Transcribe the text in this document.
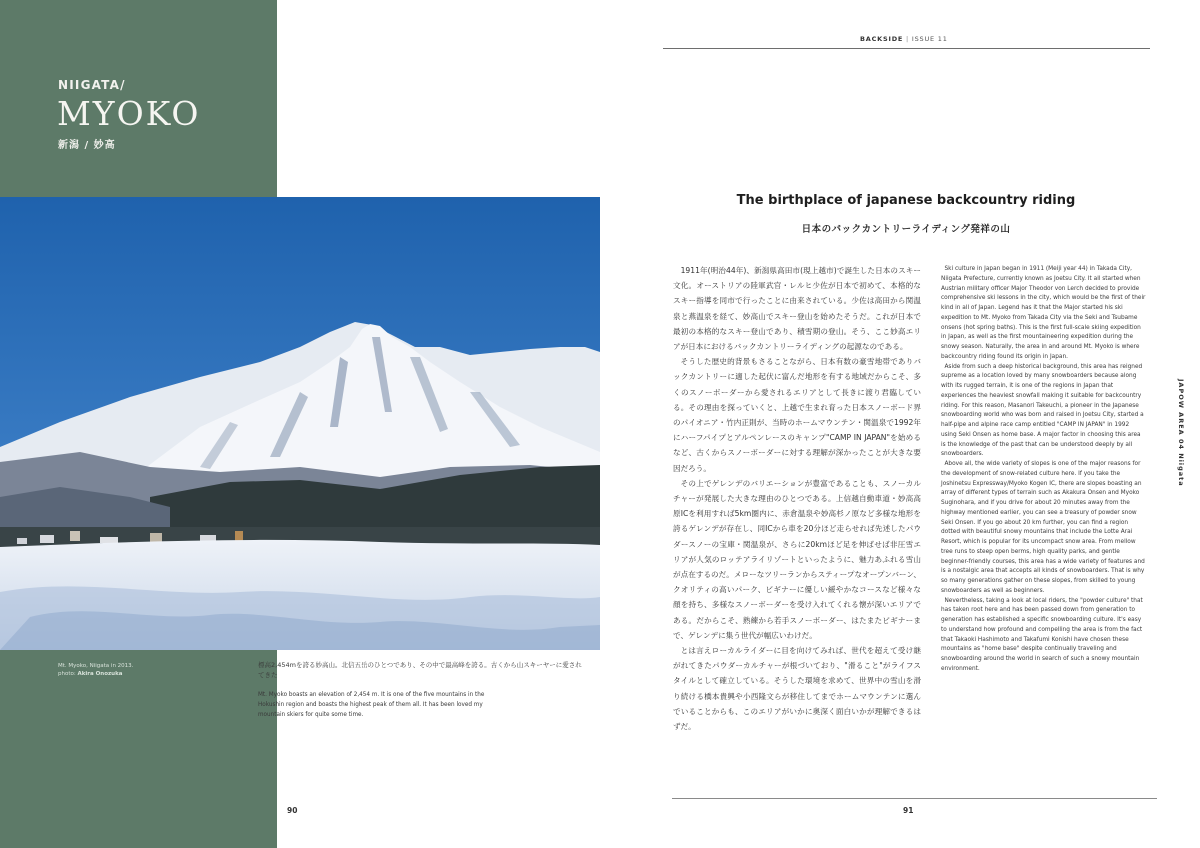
NIIGATA/
MYOKO
新潟 / 妙高
Mt. Myoko, Niigata in 2013.
photo: Akira Onozuka
標高2,454mを誇る妙高山。北信五岳のひとつであり、その中で最高峰を誇る。古くから山スキーヤーに愛されてきた
Mt. Myoko boasts an elevation of 2,454 m. It is one of the five mountains in the Hokushin region and boasts the highest peak of them all. It has been loved my mountain skiers for quite some time.
90
BACKSIDE | ISSUE 11
The birthplace of japanese backcountry riding
日本のバックカントリーライディング発祥の山

1911年(明治44年)、新潟県高田市(現上越市)で誕生した日本のスキー文化。オーストリアの陸軍武官・レルヒ少佐が日本で初めて、本格的なスキー指導を同市で行ったことに由来されている。少佐は高田から関温泉と燕温泉を経て、妙高山でスキー登山を始めたそうだ。これが日本で最初の本格的なスキー登山であり、積雪期の登山。そう、ここ妙高エリアが日本におけるバックカントリーライディングの起源なのである。

そうした歴史的背景もさることながら、日本有数の豪雪地帯でありバックカントリーに適した起伏に富んだ地形を有する地域だからこそ、多くのスノーボーダーから愛されるエリアとして長きに渡り君臨している。その理由を探っていくと、上越で生まれ育った日本スノーボード界のパイオニア・竹内正則が、当時のホームマウンテン・関温泉で1992年にハーフパイプとアルペンレースのキャンプ"CAMP IN JAPAN"を始めるなど、古くからスノーボーダーに対する理解が深かったことが大きな要因だろう。

その上でゲレンデのバリエーションが豊富であることも、スノーカルチャーが発展した大きな理由のひとつである。上信越自動車道・妙高高原ICを利用すれば5km圏内に、赤倉温泉や妙高杉ノ原など多様な地形を誇るゲレンデが存在し、同ICから車を20分ほど走らせれば先述したパウダースノーの宝庫・関温泉が、さらに20kmほど足を伸ばせば非圧雪エリアが人気のロッテアライリゾートといったように、魅力あふれる雪山が点在するのだ。メローなツリーランからスティープなオープンバーン、クオリティの高いパーク、ビギナーに優しい緩やかなコースなど様々な顔を持ち、多様なスノーボーダーを受け入れてくれる懐が深いエリアである。だからこそ、熟練から若手スノーボーダー、はたまたビギナーまで、ゲレンデに集う世代が幅広いわけだ。

とは言えローカルライダーに目を向けてみれば、世代を超えて受け継がれてきたパウダーカルチャーが根づいており、"滑ること"がライフスタイルとして確立している。そうした環境を求めて、世界中の雪山を滑り続ける橋本貴興や小西隆文らが移住してまでホームマウンテンに選んでいることからも、このエリアがいかに奥深く面白いかが理解できるはずだ。

Ski culture in Japan began in 1911 (Meiji year 44) in Takada City, Niigata Prefecture, currently known as Joetsu City. It all started when Austrian military officer Major Theodor von Lerch decided to provide comprehensive ski lessons in the city, which would be the first of their kind in all of Japan. Legend has it that the Major started his ski expedition to Mt. Myoko from Takada City via the Seki and Tsubame onsens (hot spring baths). This is the first full-scale skiing expedition in Japan, as well as the first mountaineering expedition during the snowy season. Naturally, the area in and around Mt. Myoko is where backcountry riding found its origin in Japan.

Aside from such a deep historical background, this area has reigned supreme as a location loved by many snowboarders because along with its rugged terrain, it is one of the regions in Japan that experiences the heaviest snowfall making it suitable for backcountry riding. For this reason, Masanori Takeuchi, a pioneer in the Japanese snowboarding world who was born and raised in Joetsu City, started a half-pipe and alpine race camp entitled "CAMP IN JAPAN" in 1992 using Seki Onsen as home base. A major factor in choosing this area is the knowledge of the past that can be understood deeply by all snowboarders.

Above all, the wide variety of slopes is one of the major reasons for the development of snow-related culture here. If you take the Joshinetsu Expressway/Myoko Kogen IC, there are slopes boasting an array of different types of terrain such as Akakura Onsen and Myoko Suginohara, and if you drive for about 20 minutes away from the highway mentioned earlier, you can see a treasury of powder snow Seki Onsen. If you go about 20 km further, you can find a region dotted with beautiful snowy mountains that include the Lotte Arai Resort, which is popular for its uncompact snow area. From mellow tree runs to steep open berms, high quality parks, and gentle beginner-friendly courses, this area has a wide variety of features and is a nostalgic area that accepts all kinds of snowboarders. That is why so many generations gather on these slopes, from skilled to young snowboarders as well as beginners.

Nevertheless, taking a look at local riders, the "powder culture" that has taken root here and has been passed down from generation to generation has established a specific snowboarding culture. It's easy to understand how profound and compelling the area is from the fact that Takaoki Hashimoto and Takafumi Konishi have chosen these mountains as "home base" despite continually traveling and snowboarding around the world in search of such a snowy mountain environment.

JAPOW AREA 04 Niigata
91
